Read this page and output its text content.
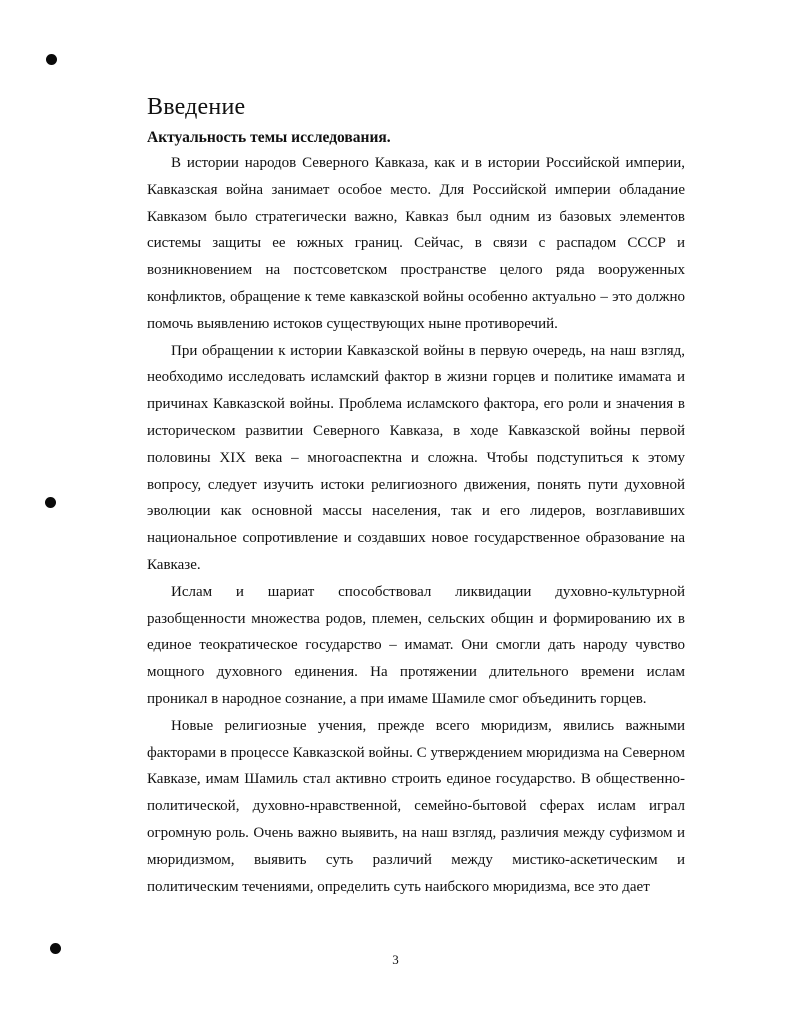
Введение
Актуальность темы исследования.

В истории народов Северного Кавказа, как и в истории Российской империи, Кавказская война занимает особое место. Для Российской империи обладание Кавказом было стратегически важно, Кавказ был одним из базовых элементов системы защиты ее южных границ. Сейчас, в связи с распадом СССР и возникновением на постсоветском пространстве целого ряда вооруженных конфликтов, обращение к теме кавказской войны особенно актуально – это должно помочь выявлению истоков существующих ныне противоречий.

При обращении к истории Кавказской войны в первую очередь, на наш взгляд, необходимо исследовать исламский фактор в жизни горцев и политике имамата и причинах Кавказской войны. Проблема исламского фактора, его роли и значения в историческом развитии Северного Кавказа, в ходе Кавказской войны первой половины XIX века – многоаспектна и сложна. Чтобы подступиться к этому вопросу, следует изучить истоки религиозного движения, понять пути духовной эволюции как основной массы населения, так и его лидеров, возглавивших национальное сопротивление и создавших новое государственное образование на Кавказе.

Ислам и шариат способствовал ликвидации духовно-культурной разобщенности множества родов, племен, сельских общин и формированию их в единое теократическое государство – имамат. Они смогли дать народу чувство мощного духовного единения. На протяжении длительного времени ислам проникал в народное сознание, а при имаме Шамиле смог объединить горцев.

Новые религиозные учения, прежде всего мюридизм, явились важными факторами в процессе Кавказской войны. С утверждением мюридизма на Северном Кавказе, имам Шамиль стал активно строить единое государство. В общественно-политической, духовно-нравственной, семейно-бытовой сферах ислам играл огромную роль. Очень важно выявить, на наш взгляд, различия между суфизмом и мюридизмом, выявить суть различий между мистико-аскетическим и политическим течениями, определить суть наибского мюридизма, все это дает

3
